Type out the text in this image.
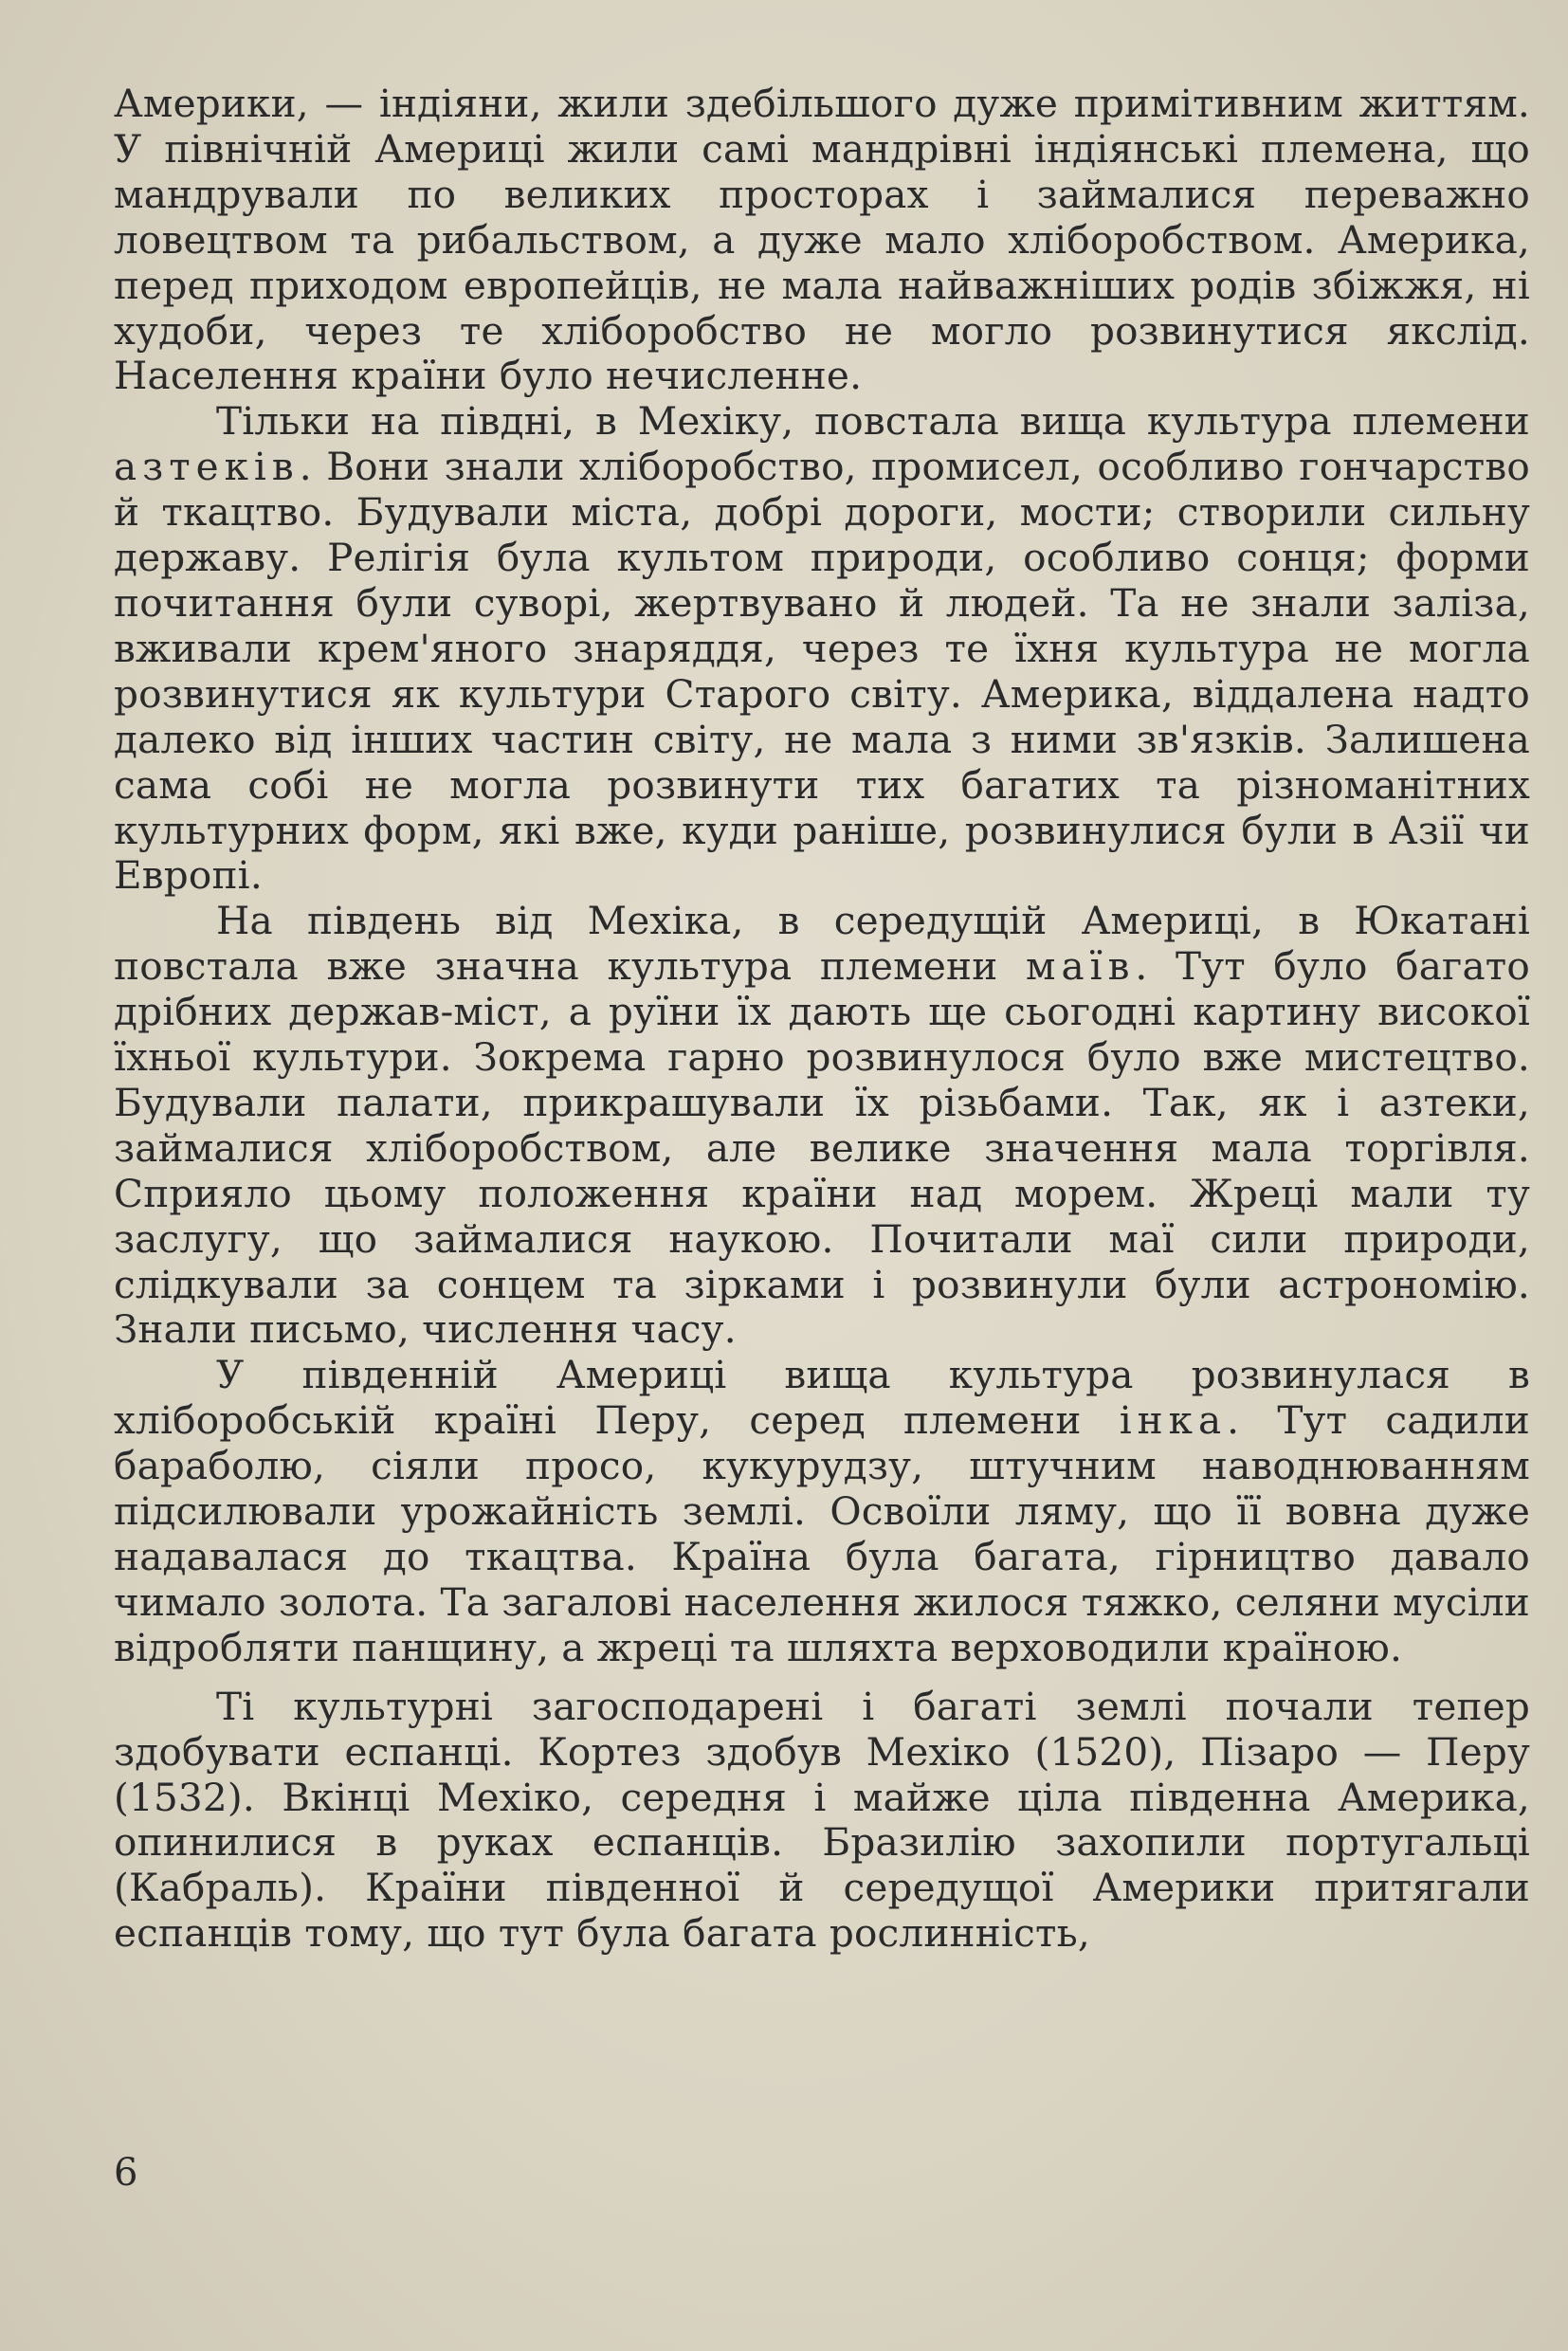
Америки, — індіяни, жили здебільшого дуже примітивним життям. У північній Америці жили самі мандрівні індіянські племена, що мандрували по великих просторах і займалися переважно ловецтвом та рибальством, а дуже мало хліборобством. Америка, перед приходом европейців, не мала найважніших родів збіжжя, ні худоби, через те хліборобство не могло розвинутися якслід. Населення країни було нечисленне.

Тільки на півдні, в Мехіку, повстала вища культура племени азтеків. Вони знали хліборобство, промисел, особливо гончарство й ткацтво. Будували міста, добрі дороги, мости; створили сильну державу. Релігія була культом природи, особливо сонця; форми почитання були суворі, жертвувано й людей. Та не знали заліза, вживали крем'яного знаряддя, через те їхня культура не могла розвинутися як культури Старого світу. Америка, віддалена надто далеко від інших частин світу, не мала з ними зв'язків. Залишена сама собі не могла розвинути тих багатих та різноманітних культурних форм, які вже, куди раніше, розвинулися були в Азії чи Европі.

На південь від Мехіка, в середущій Америці, в Юкатані повстала вже значна культура племени маїв. Тут було багато дрібних держав-міст, а руїни їх дають ще сьогодні картину високої їхньої культури. Зокрема гарно розвинулося було вже мистецтво. Будували палати, прикрашували їх різьбами. Так, як і азтеки, займалися хліборобством, але велике значення мала торгівля. Сприяло цьому положення країни над морем. Жреці мали ту заслугу, що займалися наукою. Почитали маї сили природи, слідкували за сонцем та зірками і розвинули були астрономію. Знали письмо, числення часу.

У південній Америці вища культура розвинулася в хліборобській країні Перу, серед племени інка. Тут садили бараболю, сіяли просо, кукурудзу, штучним наводнюванням підсилювали урожайність землі. Освоїли ляму, що її вовна дуже надавалася до ткацтва. Країна була багата, гірництво давало чимало золота. Та загалові населення жилося тяжко, селяни мусіли відробляти панщину, а жреці та шляхта верховодили країною.

Ті культурні загосподарені і багаті землі почали тепер здобувати еспанці. Кортез здобув Мехіко (1520), Пізаро — Перу (1532). Вкінці Мехіко, середня і майже ціла південна Америка, опинилися в руках еспанців. Бразилію захопили португальці (Кабраль). Країни південної й середущої Америки притягали еспанців тому, що тут була багата рослинність,

6
